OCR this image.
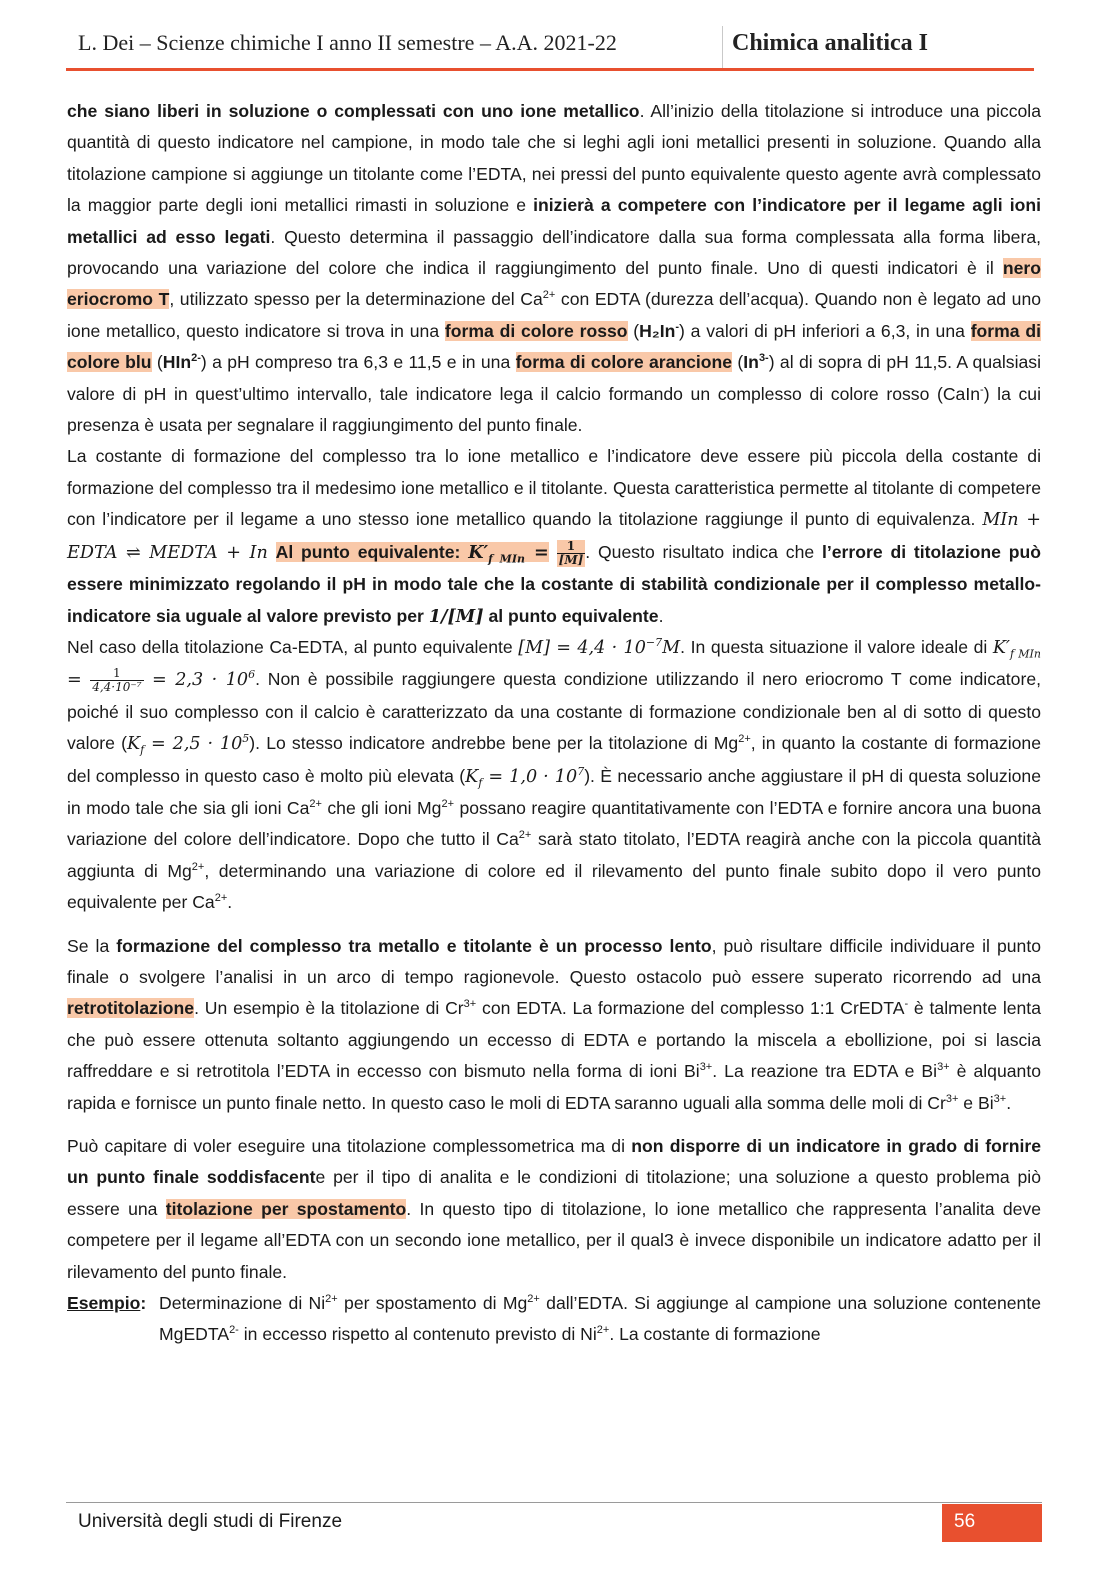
L. Dei – Scienze chimiche I anno II semestre – A.A. 2021-22	Chimica analitica I

che siano liberi in soluzione o complessati con uno ione metallico. All’inizio della titolazione si introduce una piccola quantità di questo indicatore nel campione, in modo tale che si leghi agli ioni metallici presenti in soluzione. Quando alla titolazione campione si aggiunge un titolante come l’EDTA, nei pressi del punto equivalente questo agente avrà complessato la maggior parte degli ioni metallici rimasti in soluzione e inizierà a competere con l’indicatore per il legame agli ioni metallici ad esso legati. Questo determina il passaggio dell’indicatore dalla sua forma complessata alla forma libera, provocando una variazione del colore che indica il raggiungimento del punto finale. Uno di questi indicatori è il nero eriocromo T, utilizzato spesso per la determinazione del $Ca^{2+}$ con EDTA (durezza dell’acqua). Quando non è legato ad uno ione metallico, questo indicatore si trova in una forma di colore rosso (H₂In-) a valori di pH inferiori a 6,3, in una forma di colore blu (HIn$^{2-}$) a pH compreso tra 6,3 e 11,5 e in una forma di colore arancione $(In^{3-})$ al di sopra di pH 11,5. A qualsiasi valore di pH in quest’ultimo intervallo, tale indicatore lega il calcio formando un complesso di colore rosso (CaIn-) la cui presenza è usata per segnalare il raggiungimento del punto finale.

La costante di formazione del complesso tra lo ione metallico e l’indicatore deve essere più piccola della costante di formazione del complesso tra il medesimo ione metallico e il titolante. Questa caratteristica permette al titolante di competere con l’indicatore per il legame a uno stesso ione metallico quando la titolazione raggiunge il punto di equivalenza. MIn + EDTA ⇌ MEDTA + In Al punto equivalente: $K'_{f MIn} = \frac{1}{[M]}$ . Questo risultato indica che l’errore di titolazione può essere minimizzato regolando il pH in modo tale che la costante di stabilità condizionale per il complesso metallo-indicatore sia uguale al valore previsto per 1/[M] al punto equivalente.

Nel caso della titolazione Ca-EDTA, al punto equivalente $[M] = 4,4 \cdot 10^{-7}M$. In questa situazione il valore ideale di $K'_{f MIn} = \frac{1}{\text{4,4·10⁻⁷}} = 2,3 \cdot 10^6$. Non è possibile raggiungere questa condizione utilizzando il nero eriocromo T come indicatore, poiché il suo complesso con il calcio è caratterizzato da una costante di formazione condizionale ben al di sotto di questo valore $(K_f = 2,5 \cdot 10^5)$. Lo stesso indicatore andrebbe bene per la titolazione di $Mg^{2+}$, in quanto la costante di formazione del complesso in questo caso è molto più elevata $(K_f = 1,0 \cdot 10^7)$. È necessario anche aggiustare il pH di questa soluzione in modo tale che sia gli ioni $Ca^{2+}$ che gli ioni $Mg^{2+}$ possano reagire quantitativamente con l’EDTA e fornire ancora una buona variazione del colore dell’indicatore. Dopo che tutto il $Ca^{2+}$ sarà stato titolato, l’EDTA reagirà anche con la piccola quantità aggiunta di $Mg^{2+}$, determinando una variazione di colore ed il rilevamento del punto finale subito dopo il vero punto equivalente per $Ca^{2+}$.

Se la formazione del complesso tra metallo e titolante è un processo lento, può risultare difficile individuare il punto finale o svolgere l’analisi in un arco di tempo ragionevole. Questo ostacolo può essere superato ricorrendo ad una retrotitolazione. Un esempio è la titolazione di $Cr^{3+}$ con EDTA. La formazione del complesso 1:1 CrEDTA- è talmente lenta che può essere ottenuta soltanto aggiungendo un eccesso di EDTA e portando la miscela a ebollizione, poi si lascia raffreddare e si retrotitola l’EDTA in eccesso con bismuto nella forma di ioni $Bi^{3+}$. La reazione tra EDTA e $Bi^{3+}$ è alquanto rapida e fornisce un punto finale netto. In questo caso le moli di EDTA saranno uguali alla somma delle moli di $Cr^{3+}$ e $Bi^{3+}$.

Può capitare di voler eseguire una titolazione complessometrica ma di non disporre di un indicatore in grado di fornire un punto finale soddisfacente per il tipo di analita e le condizioni di titolazione; una soluzione a questo problema piò essere una titolazione per spostamento. In questo tipo di titolazione, lo ione metallico che rappresenta l’analita deve competere per il legame all’EDTA con un secondo ione metallico, per il qual3 è invece disponibile un indicatore adatto per il rilevamento del punto finale.

Esempio: Determinazione di $Ni^{2+}$ per spostamento di $Mg^{2+}$ dall’EDTA. Si aggiunge al campione una soluzione contenente MgEDTA$^{2-}$ in eccesso rispetto al contenuto previsto di $Ni^{2+}$. La costante di formazione
Università degli studi di Firenze	56
